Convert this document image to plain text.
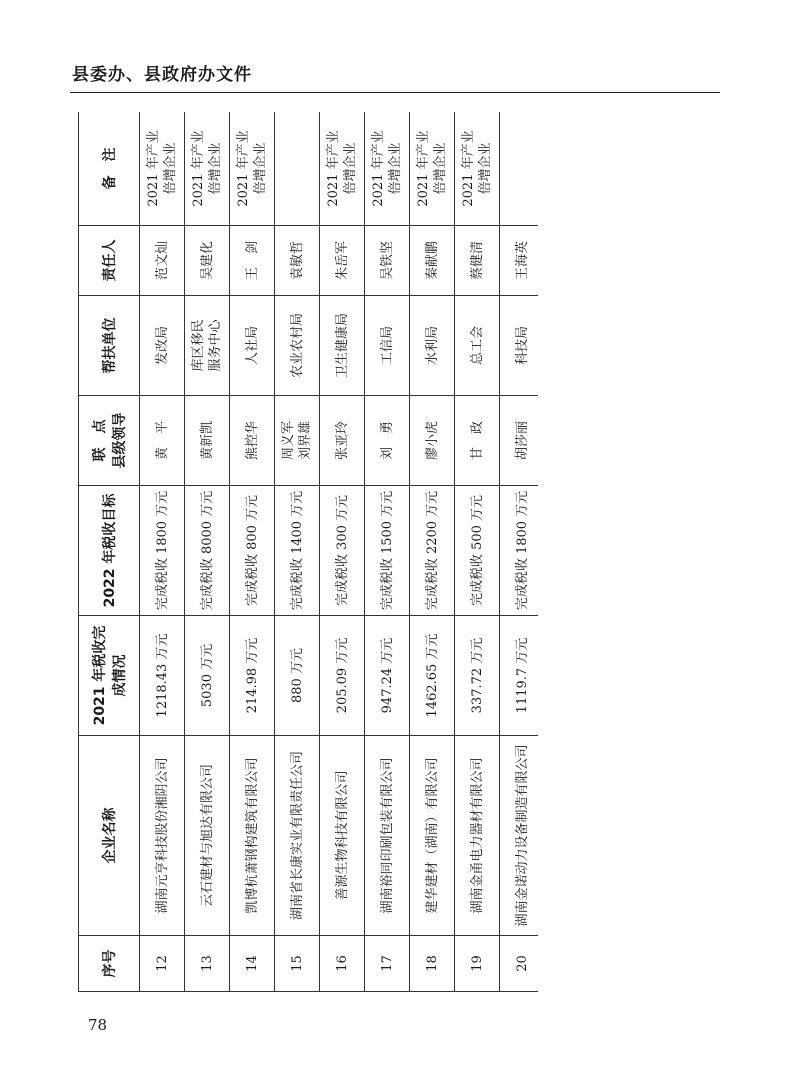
县委办、县政府办文件
序号	企业名称	2021 年税收完成情况	2022 年税收目标	联　点 县级领导	帮扶单位	责任人	备　注
12	湖南元亨科技股份湘阴公司	1218.43 万元	完成税收 1800 万元	黄　平	发改局	范文灿	2021 年产业 倍增企业

13	云石建材与旭达有限公司	5030 万元	完成税收 8000 万元	黄新凯	库区移民 服务中心	吴建化	2021 年产业 倍增企业

14	凯博杭萧钢构建筑有限公司	214.98 万元	完成税收 800 万元	熊控华	人社局	王　剑	2021 年产业 倍增企业

15	湖南省长康实业有限责任公司	880 万元	完成税收 1400 万元	周义军 刘界雄	农业农村局	袁敏哲	
16	善源生物科技有限公司	205.09 万元	完成税收 300 万元	张亚玲	卫生健康局	朱岳军	2021 年产业 倍增企业

17	湖南裕同印刷包装有限公司	947.24 万元	完成税收 1500 万元	刘　勇	工信局	吴铁坚	2021 年产业 倍增企业

18	建华建材（湖南）有限公司	1462.65 万元	完成税收 2200 万元	廖小虎	水利局	秦献鹏	2021 年产业 倍增企业

19	湖南金甬电力器材有限公司	337.72 万元	完成税收 500 万元	甘　政	总工会	蔡健清	2021 年产业 倍增企业

20	湖南金诺动力设备制造有限公司	1119.7 万元	完成税收 1800 万元	胡莎丽	科技局	王海英	
78
